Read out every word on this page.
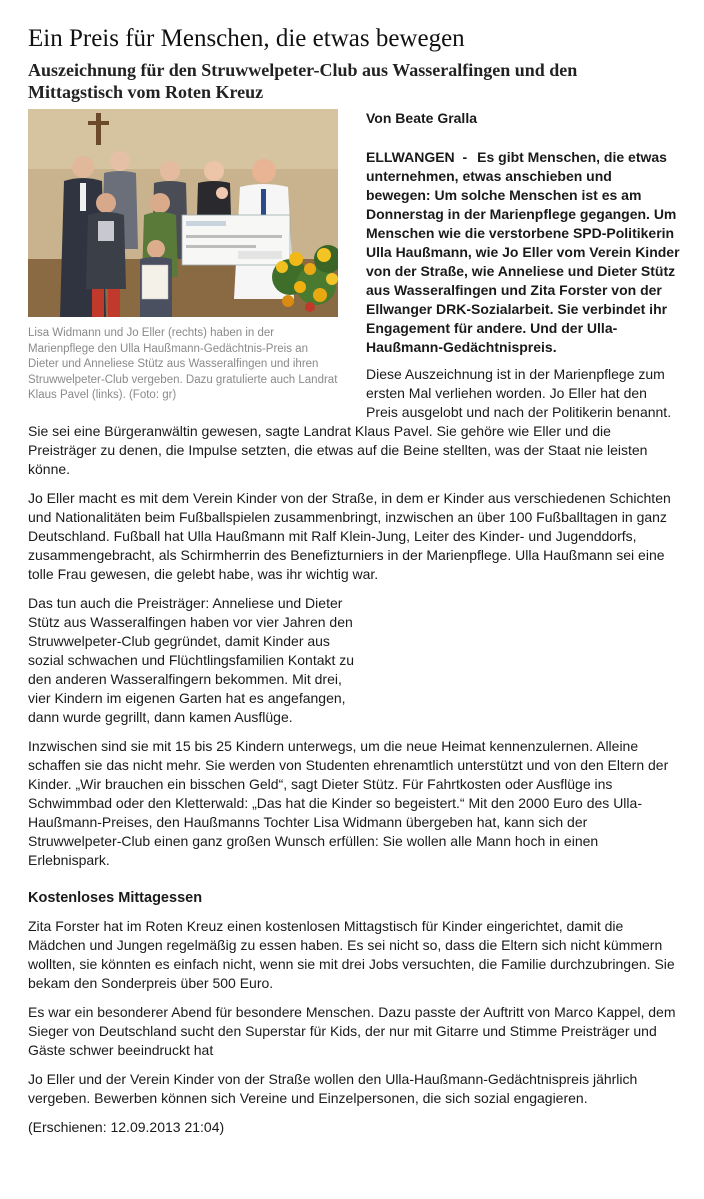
Ein Preis für Menschen, die etwas bewegen
Auszeichnung für den Struwwelpeter-Club aus Wasseralfingen und den Mittagstisch vom Roten Kreuz
Lisa Widmann und Jo Eller (rechts) haben in der Marienpflege den Ulla Haußmann-Gedächtnis-Preis an Dieter und Anneliese Stütz aus Wasseralfingen und ihren Struwwelpeter-Club vergeben. Dazu gratulierte auch Landrat Klaus Pavel (links). (Foto: gr)
Von Beate Gralla
ELLWANGEN - Es gibt Menschen, die etwas unternehmen, etwas anschieben und bewegen: Um solche Menschen ist es am Donnerstag in der Marienpflege gegangen. Um Menschen wie die verstorbene SPD-Politikerin Ulla Haußmann, wie Jo Eller vom Verein Kinder von der Straße, wie Anneliese und Dieter Stütz aus Wasseralfingen und Zita Forster von der Ellwanger DRK-Sozialarbeit. Sie verbindet ihr Engagement für andere. Und der Ulla-Haußmann-Gedächtnispreis.

Diese Auszeichnung ist in der Marienpflege zum ersten Mal verliehen worden. Jo Eller hat den Preis ausgelobt und nach der Politikerin benannt. Sie sei eine Bürgeranwältin gewesen, sagte Landrat Klaus Pavel. Sie gehöre wie Eller und die Preisträger zu denen, die Impulse setzten, die etwas auf die Beine stellten, was der Staat nie leisten könne.

Jo Eller macht es mit dem Verein Kinder von der Straße, in dem er Kinder aus verschiedenen Schichten und Nationalitäten beim Fußballspielen zusammenbringt, inzwischen an über 100 Fußballtagen in ganz Deutschland. Fußball hat Ulla Haußmann mit Ralf Klein-Jung, Leiter des Kinder- und Jugenddorfs, zusammengebracht, als Schirmherrin des Benefizturniers in der Marienpflege. Ulla Haußmann sei eine tolle Frau gewesen, die gelebt habe, was ihr wichtig war.

Das tun auch die Preisträger: Anneliese und Dieter Stütz aus Wasseralfingen haben vor vier Jahren den Struwwelpeter-Club gegründet, damit Kinder aus sozial schwachen und Flüchtlingsfamilien Kontakt zu den anderen Wasseralfingern bekommen. Mit drei, vier Kindern im eigenen Garten hat es angefangen, dann wurde gegrillt, dann kamen Ausflüge.

Inzwischen sind sie mit 15 bis 25 Kindern unterwegs, um die neue Heimat kennenzulernen. Alleine schaffen sie das nicht mehr. Sie werden von Studenten ehrenamtlich unterstützt und von den Eltern der Kinder. „Wir brauchen ein bisschen Geld“, sagt Dieter Stütz. Für Fahrtkosten oder Ausflüge ins Schwimmbad oder den Kletterwald: „Das hat die Kinder so begeistert.“ Mit den 2000 Euro des Ulla-Haußmann-Preises, den Haußmanns Tochter Lisa Widmann übergeben hat, kann sich der Struwwelpeter-Club einen ganz großen Wunsch erfüllen: Sie wollen alle Mann hoch in einen Erlebnispark.

Kostenloses Mittagessen

Zita Forster hat im Roten Kreuz einen kostenlosen Mittagstisch für Kinder eingerichtet, damit die Mädchen und Jungen regelmäßig zu essen haben. Es sei nicht so, dass die Eltern sich nicht kümmern wollten, sie könnten es einfach nicht, wenn sie mit drei Jobs versuchten, die Familie durchzubringen. Sie bekam den Sonderpreis über 500 Euro.

Es war ein besonderer Abend für besondere Menschen. Dazu passte der Auftritt von Marco Kappel, dem Sieger von Deutschland sucht den Superstar für Kids, der nur mit Gitarre und Stimme Preisträger und Gäste schwer beeindruckt hat

Jo Eller und der Verein Kinder von der Straße wollen den Ulla-Haußmann-Gedächtnispreis jährlich vergeben. Bewerben können sich Vereine und Einzelpersonen, die sich sozial engagieren.

(Erschienen: 12.09.2013 21:04)
